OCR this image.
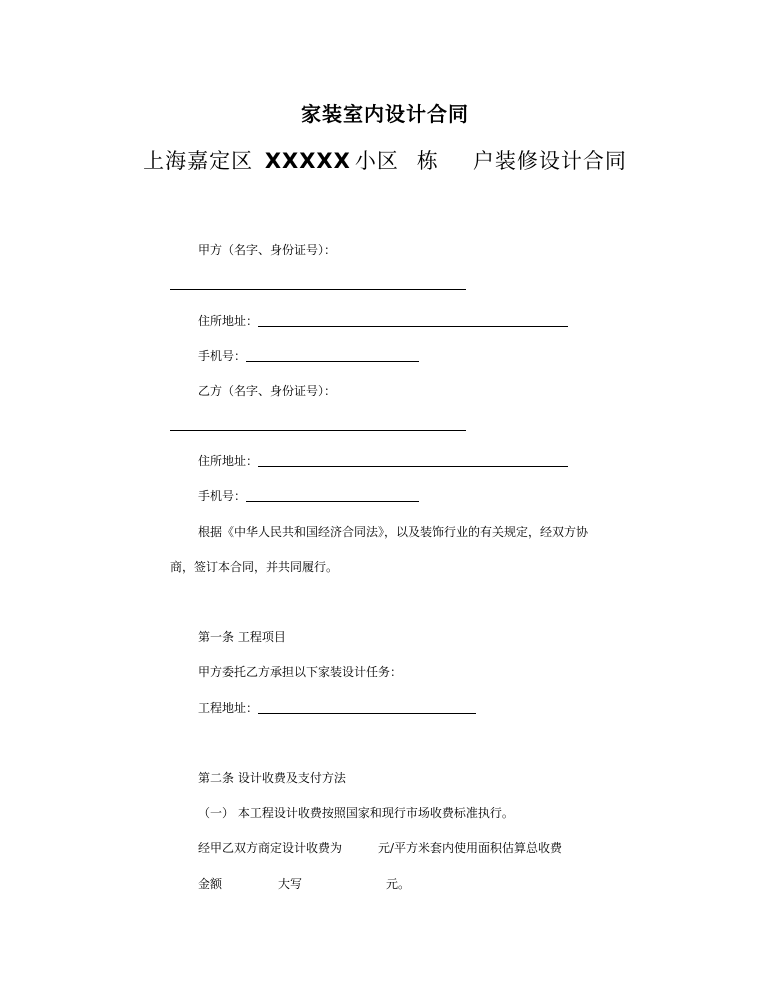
家装室内设计合同
上海嘉定区 XXXXX 小区 栋 户装修设计合同
甲方（名字、身份证号）：
住所地址：
手机号：
乙方（名字、身份证号）：
住所地址：
手机号：
根据《中华人民共和国经济合同法》，以及装饰行业的有关规定，经双方协
商，签订本合同，并共同履行。
第一条 工程项目
甲方委托乙方承担以下家装设计任务：
工程地址：
第二条 设计收费及支付方法
（一） 本工程设计收费按照国家和现行市场收费标准执行。
经甲乙双方商定设计收费为	元/平方米套内使用面积估算总收费
金额	大写	元。
